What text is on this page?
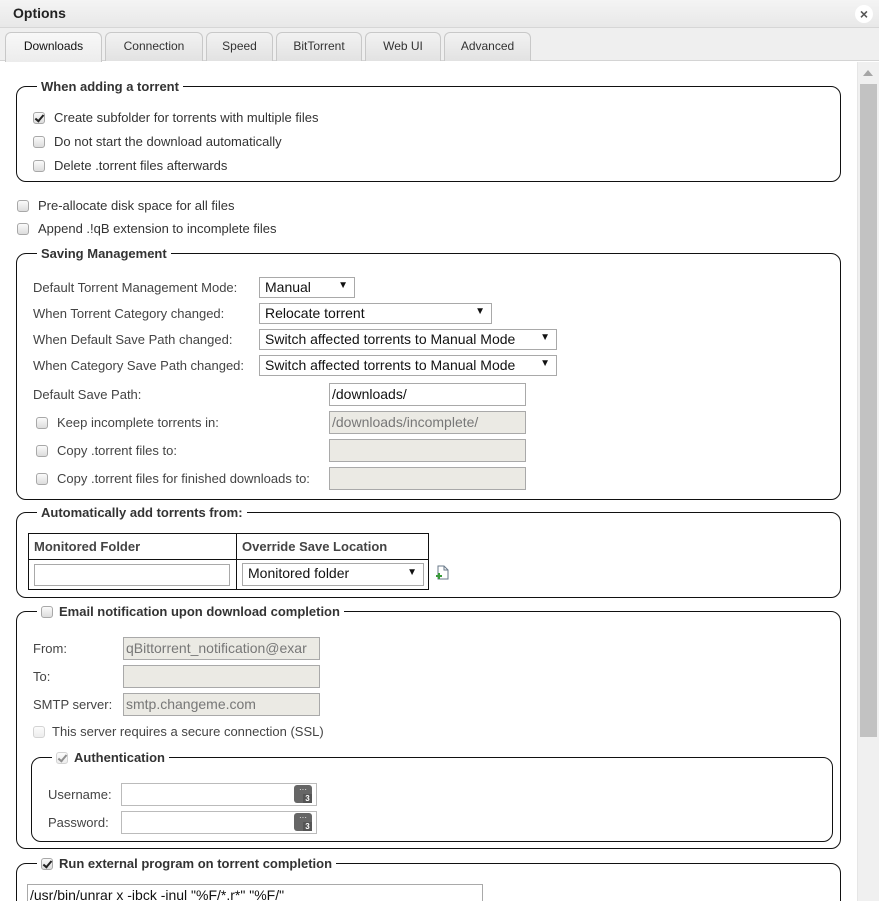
Options	×
Downloads	Connection	Speed	BitTorrent	Web UI	Advanced
When adding a torrent
Create subfolder for torrents with multiple files
Do not start the download automatically
Delete .torrent files afterwards
Pre-allocate disk space for all files
Append .!qB extension to incomplete files
Saving Management
Default Torrent Management Mode:	Manual	▼
When Torrent Category changed:	Relocate torrent	▼
When Default Save Path changed:	Switch affected torrents to Manual Mode ▼
When Category Save Path changed:	Switch affected torrents to Manual Mode ▼
Default Save Path:	/downloads/
Keep incomplete torrents in:	/downloads/incomplete/
Copy .torrent files to:
Copy .torrent files for finished downloads to:
Automatically add torrents from:
Monitored Folder	Override Save Location

	Monitored folder ▼
Email notification upon download completion
From:	qBittorrent_notification@exar
To:
SMTP server: smtp.changeme.com
This server requires a secure connection (SSL)
Authentication
Username:	···
3
Password:	···
3
Run external program on torrent completion
/usr/bin/unrar x -ibck -inul "%F/*.r*" "%F/"
